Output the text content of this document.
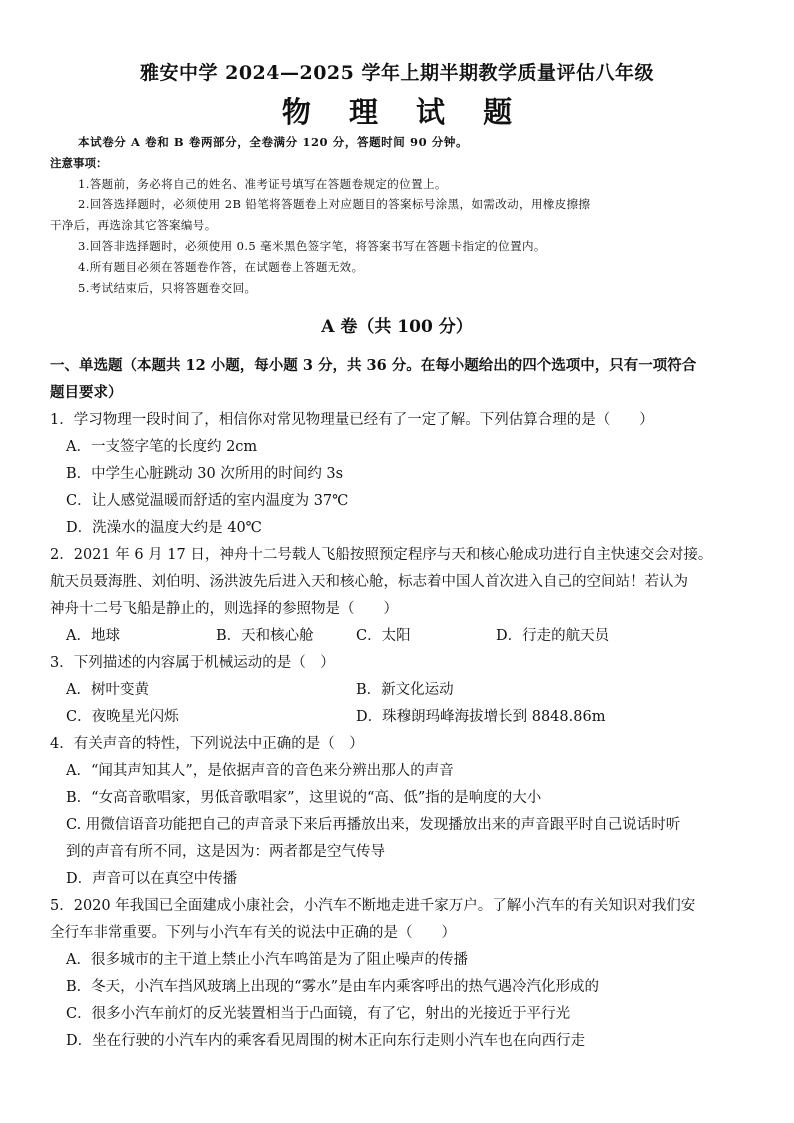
雅安中学 2024—2025 学年上期半期教学质量评估八年级
物 理 试 题
本试卷分 A 卷和 B 卷两部分，全卷满分 120 分，答题时间 90 分钟。
注意事项：
1.答题前，务必将自己的姓名、准考证号填写在答题卷规定的位置上。
2.回答选择题时，必须使用 2B 铅笔将答题卷上对应题目的答案标号涂黑，如需改动，用橡皮擦擦
干净后，再选涂其它答案编号。
3.回答非选择题时，必须使用 0.5 毫米黑色签字笔，将答案书写在答题卡指定的位置内。
4.所有题目必须在答题卷作答，在试题卷上答题无效。
5.考试结束后，只将答题卷交回。
A 卷（共 100 分）
一、单选题（本题共 12 小题，每小题 3 分，共 36 分。在每小题给出的四个选项中，只有一项符合
题目要求）
1．学习物理一段时间了，相信你对常见物理量已经有了一定了解。下列估算合理的是（　　）
A．一支签字笔的长度约 2cm
B．中学生心脏跳动 30 次所用的时间约 3s
C．让人感觉温暖而舒适的室内温度为 37℃
D．洗澡水的温度大约是 40℃
2．2021 年 6 月 17 日，神舟十二号载人飞船按照预定程序与天和核心舱成功进行自主快速交会对接。
航天员聂海胜、刘伯明、汤洪波先后进入天和核心舱，标志着中国人首次进入自己的空间站！若认为
神舟十二号飞船是静止的，则选择的参照物是（　　）
A．地球	B．天和核心舱	C．太阳	D．行走的航天员
3．下列描述的内容属于机械运动的是（　）
A．树叶变黄	B．新文化运动
C．夜晚星光闪烁	D．珠穆朗玛峰海拔增长到 8848.86m
4．有关声音的特性，下列说法中正确的是（　）
A．“闻其声知其人”，是依据声音的音色来分辨出那人的声音
B．“女高音歌唱家，男低音歌唱家”，这里说的“高、低”指的是响度的大小
C. 用微信语音功能把自己的声音录下来后再播放出来，发现播放出来的声音跟平时自己说话时听
到的声音有所不同，这是因为：两者都是空气传导
D．声音可以在真空中传播
5．2020 年我国已全面建成小康社会，小汽车不断地走进千家万户。了解小汽车的有关知识对我们安
全行车非常重要。下列与小汽车有关的说法中正确的是（　　）
A．很多城市的主干道上禁止小汽车鸣笛是为了阻止噪声的传播
B．冬天，小汽车挡风玻璃上出现的“雾水”是由车内乘客呼出的热气遇冷汽化形成的
C．很多小汽车前灯的反光装置相当于凸面镜，有了它，射出的光接近于平行光
D．坐在行驶的小汽车内的乘客看见周围的树木正向东行走则小汽车也在向西行走
